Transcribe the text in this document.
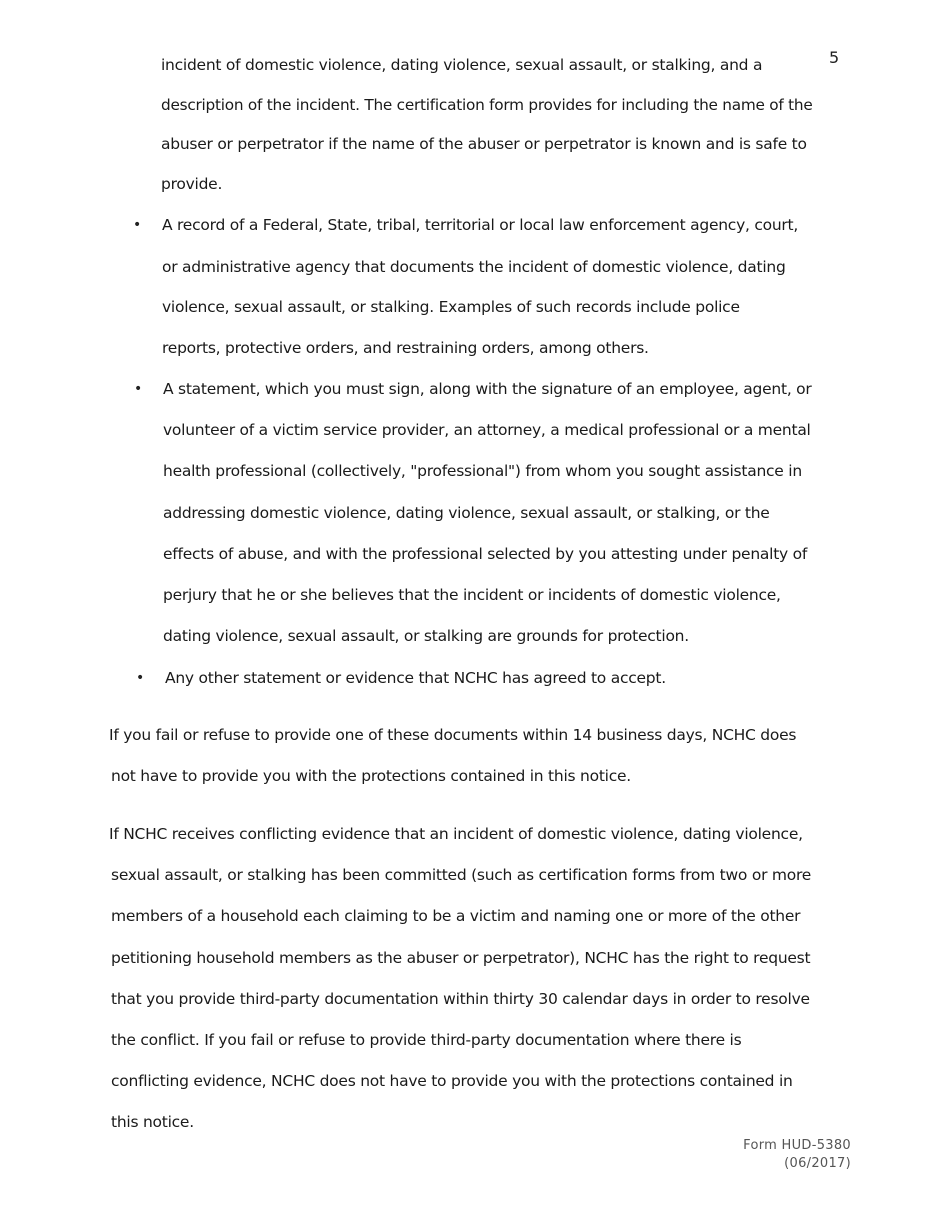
5
incident of domestic violence, dating violence, sexual assault, or stalking, and a
description of the incident. The certification form provides for including the name of the
abuser or perpetrator if the name of the abuser or perpetrator is known and is safe to
provide.
• A record of a Federal, State, tribal, territorial or local law enforcement agency, court,
or administrative agency that documents the incident of domestic violence, dating
violence, sexual assault, or stalking. Examples of such records include police
reports, protective orders, and restraining orders, among others.
• A statement, which you must sign, along with the signature of an employee, agent, or
volunteer of a victim service provider, an attorney, a medical professional or a mental
health professional (collectively, "professional") from whom you sought assistance in
addressing domestic violence, dating violence, sexual assault, or stalking, or the
effects of abuse, and with the professional selected by you attesting under penalty of
perjury that he or she believes that the incident or incidents of domestic violence,
dating violence, sexual assault, or stalking are grounds for protection.
• Any other statement or evidence that NCHC has agreed to accept.
If you fail or refuse to provide one of these documents within 14 business days, NCHC does
not have to provide you with the protections contained in this notice.
If NCHC receives conflicting evidence that an incident of domestic violence, dating violence,
sexual assault, or stalking has been committed (such as certification forms from two or more
members of a household each claiming to be a victim and naming one or more of the other
petitioning household members as the abuser or perpetrator), NCHC has the right to request
that you provide third-party documentation within thirty 30 calendar days in order to resolve
the conflict. If you fail or refuse to provide third-party documentation where there is
conflicting evidence, NCHC does not have to provide you with the protections contained in
this notice.
Form HUD-5380
(06/2017)
